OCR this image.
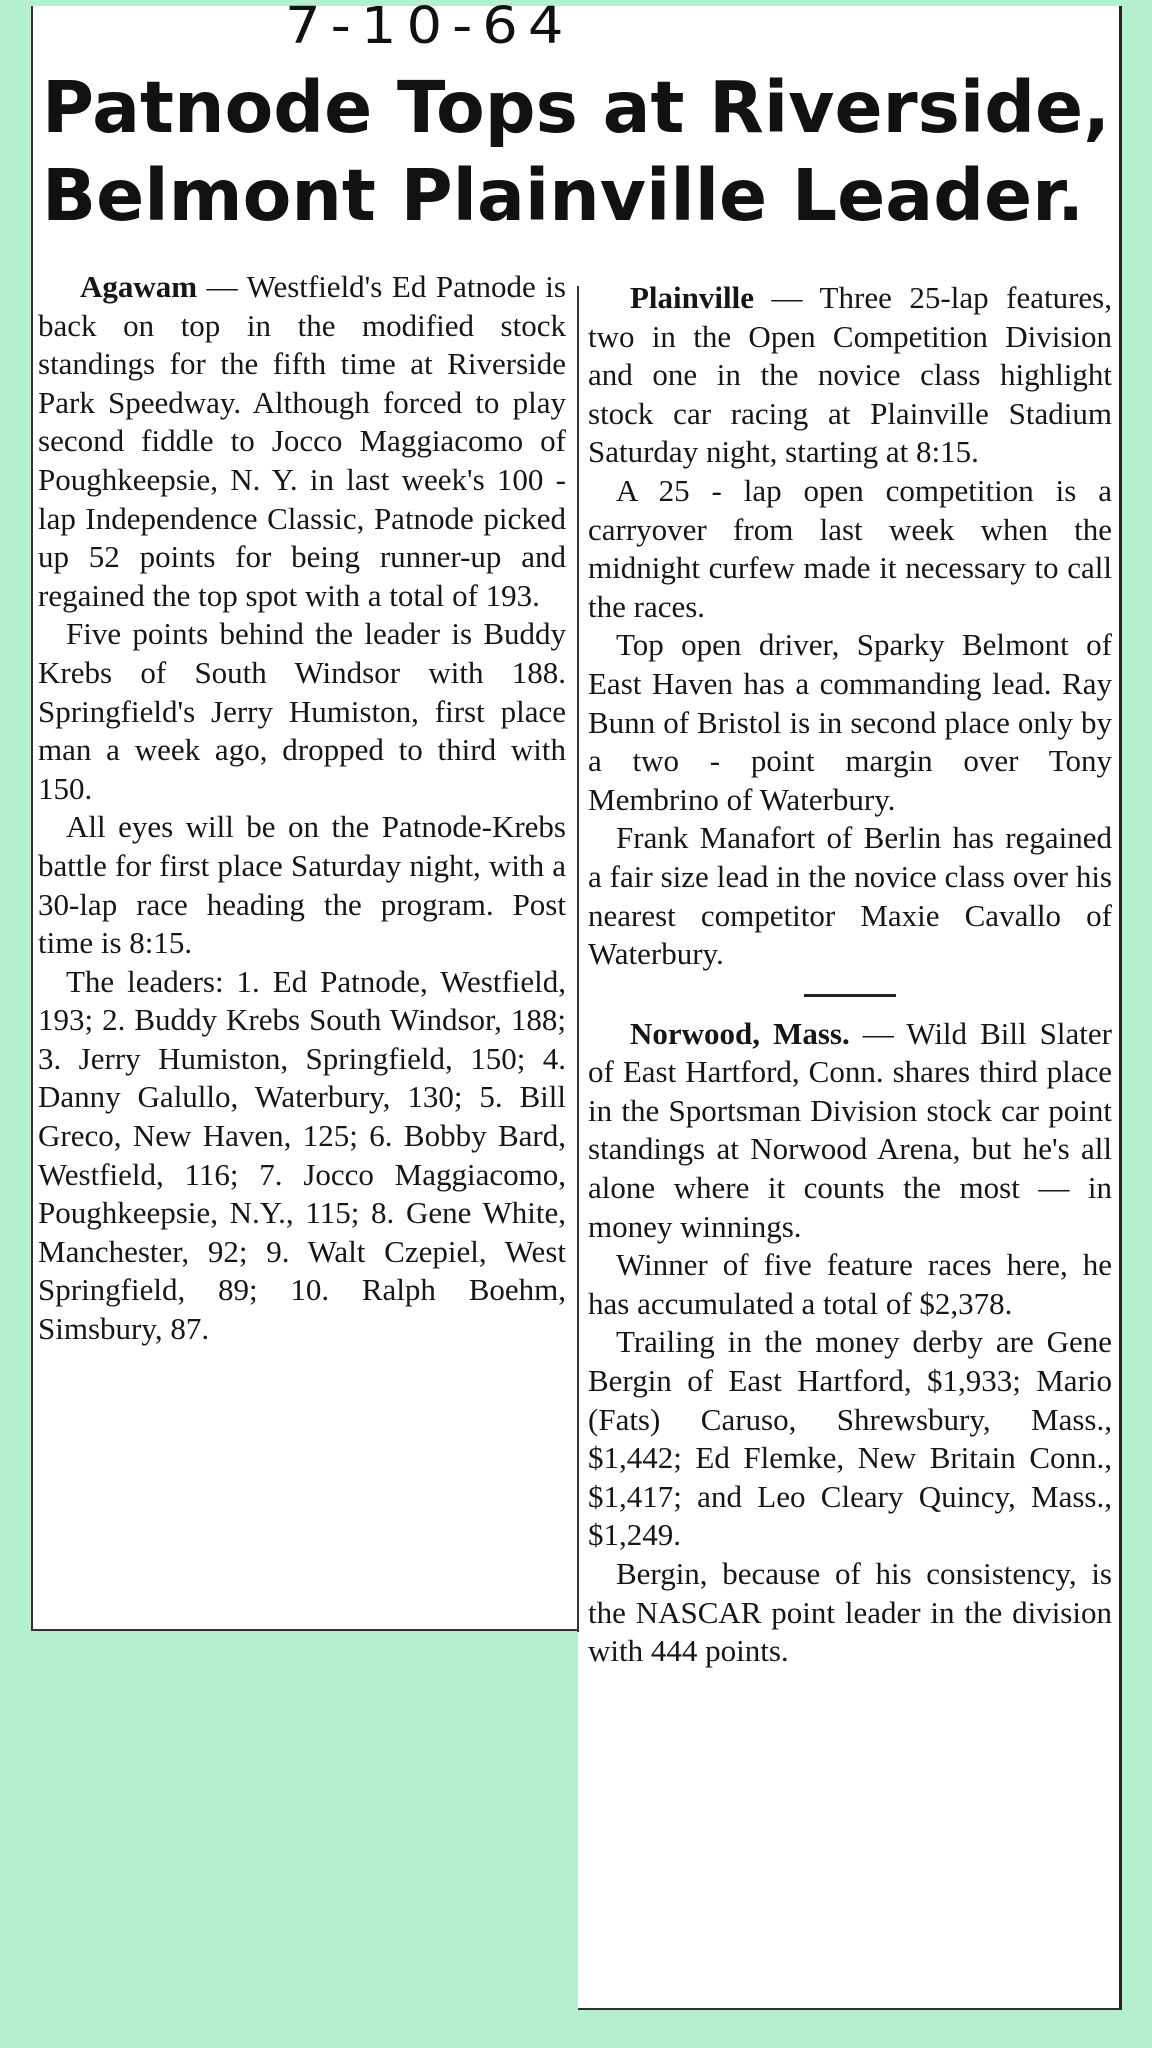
7-10-64
Patnode Tops at Riverside,
Belmont Plainville Leader.

Agawam — Westfield's Ed Patnode is back on top in the modified stock standings for the fifth time at Riverside Park Speedway. Although forced to play second fiddle to Jocco Maggiacomo of Poughkeepsie, N. Y. in last week's 100 - lap Independence Classic, Patnode picked up 52 points for being runner-up and regained the top spot with a total of 193.

Five points behind the leader is Buddy Krebs of South Windsor with 188. Springfield's Jerry Humiston, first place man a week ago, dropped to third with 150.

All eyes will be on the Patnode-Krebs battle for first place Saturday night, with a 30-lap race heading the program. Post time is 8:15.

The leaders: 1. Ed Patnode, Westfield, 193; 2. Buddy Krebs South Windsor, 188; 3. Jerry Humiston, Springfield, 150; 4. Danny Galullo, Waterbury, 130; 5. Bill Greco, New Haven, 125; 6. Bobby Bard, Westfield, 116; 7. Jocco Maggiacomo, Poughkeepsie, N.Y., 115; 8. Gene White, Manchester, 92; 9. Walt Czepiel, West Springfield, 89; 10. Ralph Boehm, Simsbury, 87.

Plainville — Three 25-lap features, two in the Open Competition Division and one in the novice class highlight stock car racing at Plainville Stadium Saturday night, starting at 8:15.

A 25 - lap open competition is a carryover from last week when the midnight curfew made it necessary to call the races.

Top open driver, Sparky Belmont of East Haven has a commanding lead. Ray Bunn of Bristol is in second place only by a two - point margin over Tony Membrino of Waterbury.

Frank Manafort of Berlin has regained a fair size lead in the novice class over his nearest competitor Maxie Cavallo of Waterbury.

Norwood, Mass. — Wild Bill Slater of East Hartford, Conn. shares third place in the Sportsman Division stock car point standings at Norwood Arena, but he's all alone where it counts the most — in money winnings.

Winner of five feature races here, he has accumulated a total of $2,378.

Trailing in the money derby are Gene Bergin of East Hartford, $1,933; Mario (Fats) Caruso, Shrewsbury, Mass., $1,442; Ed Flemke, New Britain Conn., $1,417; and Leo Cleary Quincy, Mass., $1,249.

Bergin, because of his consistency, is the NASCAR point leader in the division with 444 points.
